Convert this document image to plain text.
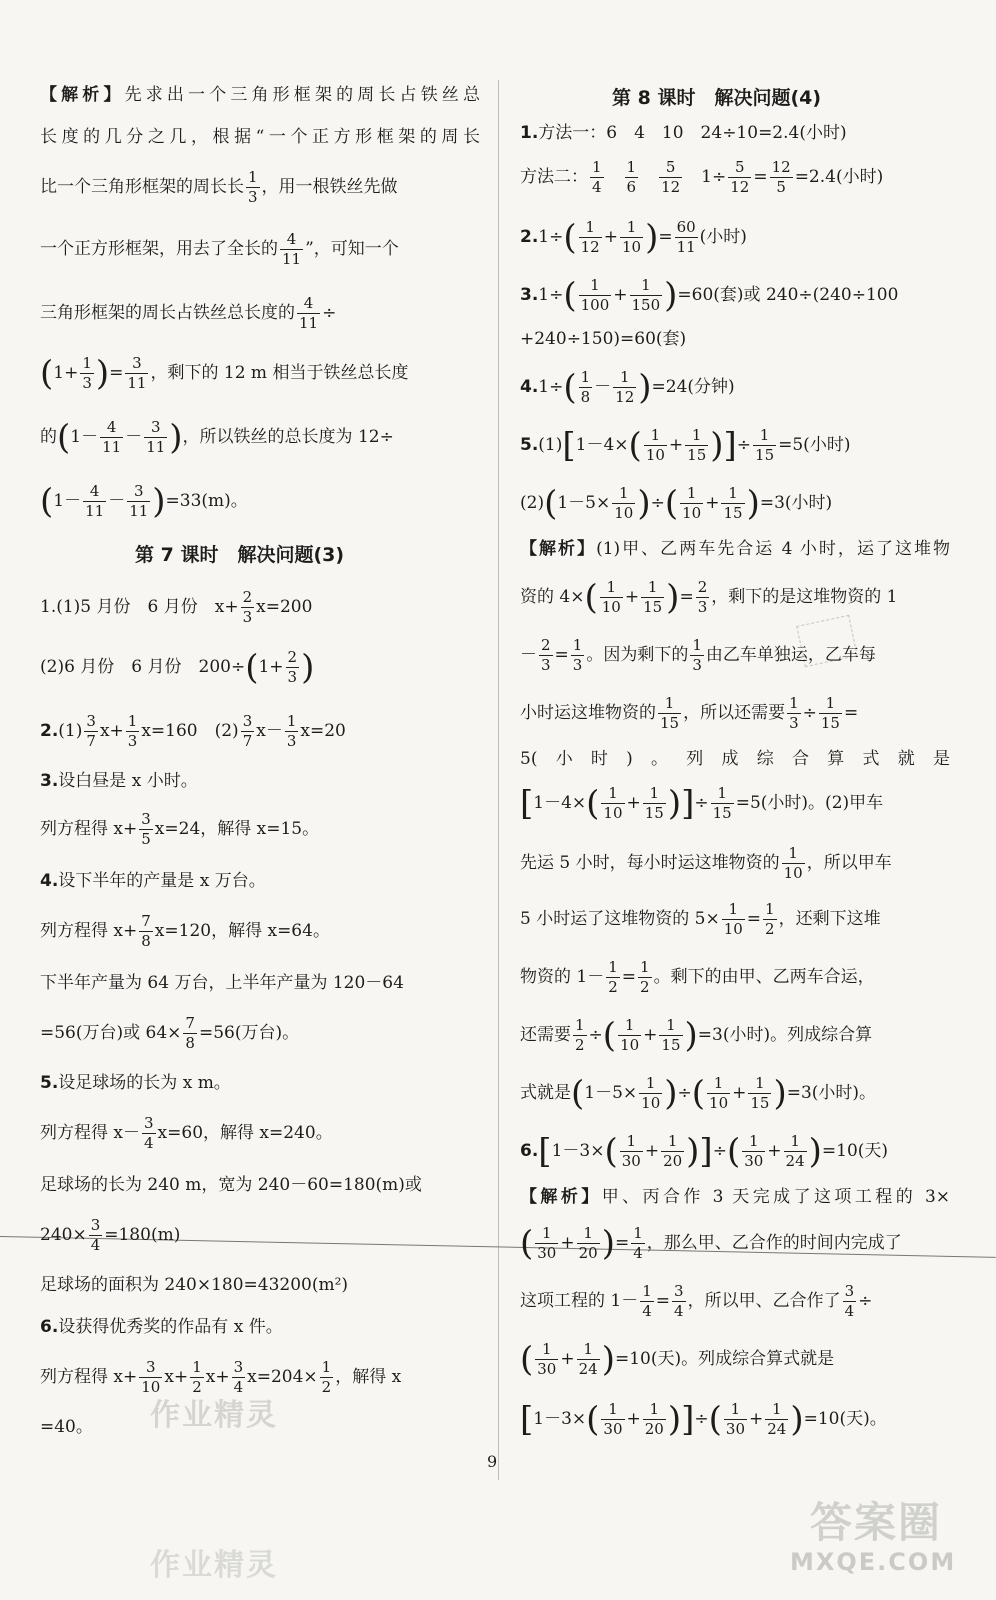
【解析】先求出一个三角形框架的周长占铁丝总
长度的几分之几，根据“一个正方形框架的周长
比一个三角形框架的周长长 $\frac{1}{3}$ ，用一根铁丝先做
一个正方形框架，用去了全长的 $\frac{4}{11}$ ”，可知一个
三角形框架的周长占铁丝总长度的 $\frac{4}{11}$ ÷
($1+ \frac{1}{3}$ )= $\frac{3}{11}$ ，剩下的 12 m 相当于铁丝总长度
的($1- \frac{4}{11} - \frac{3}{11}$ )，所以铁丝的总长度为 12÷
$(1- \frac{4}{11} - \frac{3}{11} )=33(m)$。
第 7 课时　解决问题(3)
1.(1)5 月份　6 月份　$x+ \frac{2}{3} x=200$
(2)6 月份　6 月份　$200\div(1+ \frac{2}{3}$ )
$2.(1) \frac{3}{7} x+ \frac{1}{3} x=160$　 $(2) \frac{3}{7} x- \frac{1}{3} x=20$
3.设白昼是 x 小时。
列方程得 $x+ \frac{3}{5} x=24$，解得 x=15。
4.设下半年的产量是 x 万台。
列方程得 $x+ \frac{7}{8} x=120$，解得 x=64。
下半年产量为 64 万台，上半年产量为 120－64
=56(万台)或 $64\times \frac{7}{8} =56$(万台)。
5.设足球场的长为 x m。
列方程得 $x- \frac{3}{4} x=60$，解得 x=240。
足球场的长为 240 m，宽为 240－60=180(m)或
$240\times \frac{3}{4} =180(m)$
足球场的面积为 240×180=43200(m²)
6.设获得优秀奖的作品有 x 件。
列方程得 $x+ \frac{3}{10} x+ \frac{1}{2} x+ \frac{3}{4} x=204\times \frac{1}{2}$ ，解得 x
=40。
第 8 课时　解决问题(4)
1.方法一：6　4　10　24÷10=2.4(小时)
方法二： $\frac{1}{4}$
　 $\frac{1}{6}$
　 $\frac{5}{12}$ 　$1\div \frac{5}{12} = \frac{12}{5} =2.4$(小时)
$2.1\div( \frac{1}{12} + \frac{1}{10}$ )= $\frac{60}{11}$ (小时)
$3.1\div( \frac{1}{100} + \frac{1}{150} )=60$(套)或 240÷(240÷100
+240÷150)=60(套)
$4.1\div( \frac{1}{8} - \frac{1}{12} )=24$(分钟)
$5.(1)[1-4\times( \frac{1}{10} + \frac{1}{15}$ )]÷ $\frac{1}{15} =5$(小时)
$(2)(1-5\times \frac{1}{10}$ )÷( $\frac{1}{10} + \frac{1}{15} )=3$(小时)
【解析】(1)甲、乙两车先合运 4 小时，运了这堆物
资的 $4\times( \frac{1}{10} + \frac{1}{15}$ )= $\frac{2}{3}$ ，剩下的是这堆物资的 1
－ $\frac{2}{3} = \frac{1}{3}$ 。因为剩下的 $\frac{1}{3}$ 由乙车单独运，乙车每
小时运这堆物资的 $\frac{1}{15}$ ，所以还需要 $\frac{1}{3} \div \frac{1}{15}$ =
5(小时)。列成综合算式就是
[$1-4\times( \frac{1}{10} + \frac{1}{15}$ )]÷ $\frac{1}{15} =5$(小时)。(2)甲车
先运 5 小时，每小时运这堆物资的 $\frac{1}{10}$ ，所以甲车
5 小时运了这堆物资的 $5\times \frac{1}{10} = \frac{1}{2}$ ，还剩下这堆
物资的 $1- \frac{1}{2} = \frac{1}{2}$ 。剩下的由甲、乙两车合运，
还需要 $\frac{1}{2}$ ÷( $\frac{1}{10} + \frac{1}{15} )=3$(小时)。列成综合算
式就是($1-5\times \frac{1}{10}$ )÷( $\frac{1}{10} + \frac{1}{15} )=3$(小时)。
$6.[1-3\times( \frac{1}{30} + \frac{1}{20}$ )]÷( $\frac{1}{30} + \frac{1}{24} )=10$(天)
【解析】甲、丙合作 3 天完成了这项工程的 3×
( $\frac{1}{30} + \frac{1}{20}$ )= $\frac{1}{4}$ ，那么甲、乙合作的时间内完成了
这项工程的 $1- \frac{1}{4} = \frac{3}{4}$ ，所以甲、乙合作了 $\frac{3}{4}$ ÷
( $\frac{1}{30} + \frac{1}{24} )=10$(天)。列成综合算式就是
[$1-3\times( \frac{1}{30} + \frac{1}{20}$ )]÷( $\frac{1}{30} + \frac{1}{24} )=10$(天)。
9
作业精灵
作业精灵
答案圈
MXQE.COM
